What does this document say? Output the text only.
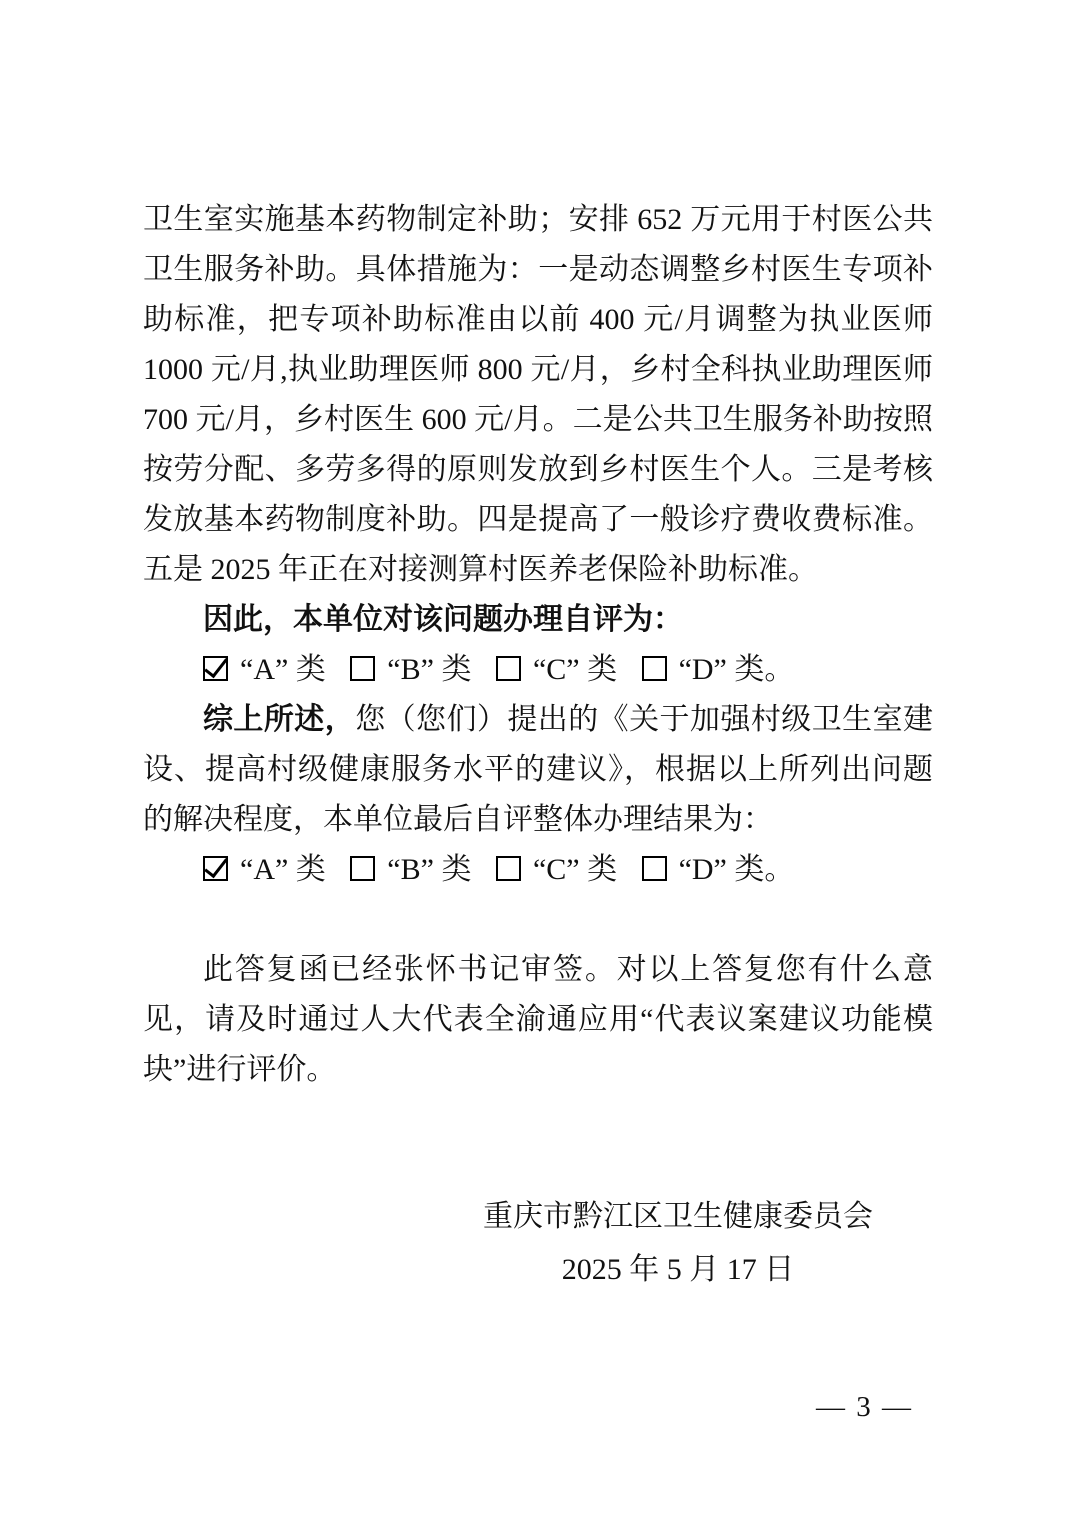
卫生室实施基本药物制定补助；安排 652 万元用于村医公共卫生服务补助。具体措施为：一是动态调整乡村医生专项补助标准，把专项补助标准由以前 400 元/月调整为执业医师 1000 元/月,执业助理医师 800 元/月，乡村全科执业助理医师 700 元/月，乡村医生 600 元/月。二是公共卫生服务补助按照按劳分配、多劳多得的原则发放到乡村医生个人。三是考核发放基本药物制度补助。四是提高了一般诊疗费收费标准。五是 2025 年正在对接测算村医养老保险补助标准。

因此，本单位对该问题办理自评为：

“A” 类 “B” 类 “C” 类 “D” 类。

综上所述，您（您们）提出的《关于加强村级卫生室建设、提高村级健康服务水平的建议》，根据以上所列出问题的解决程度，本单位最后自评整体办理结果为：

“A” 类 “B” 类 “C” 类 “D” 类。

此答复函已经张怀书记审签。对以上答复您有什么意见，请及时通过人大代表全渝通应用“代表议案建议功能模块”进行评价。

重庆市黔江区卫生健康委员会
2025 年 5 月 17 日
— 3 —
